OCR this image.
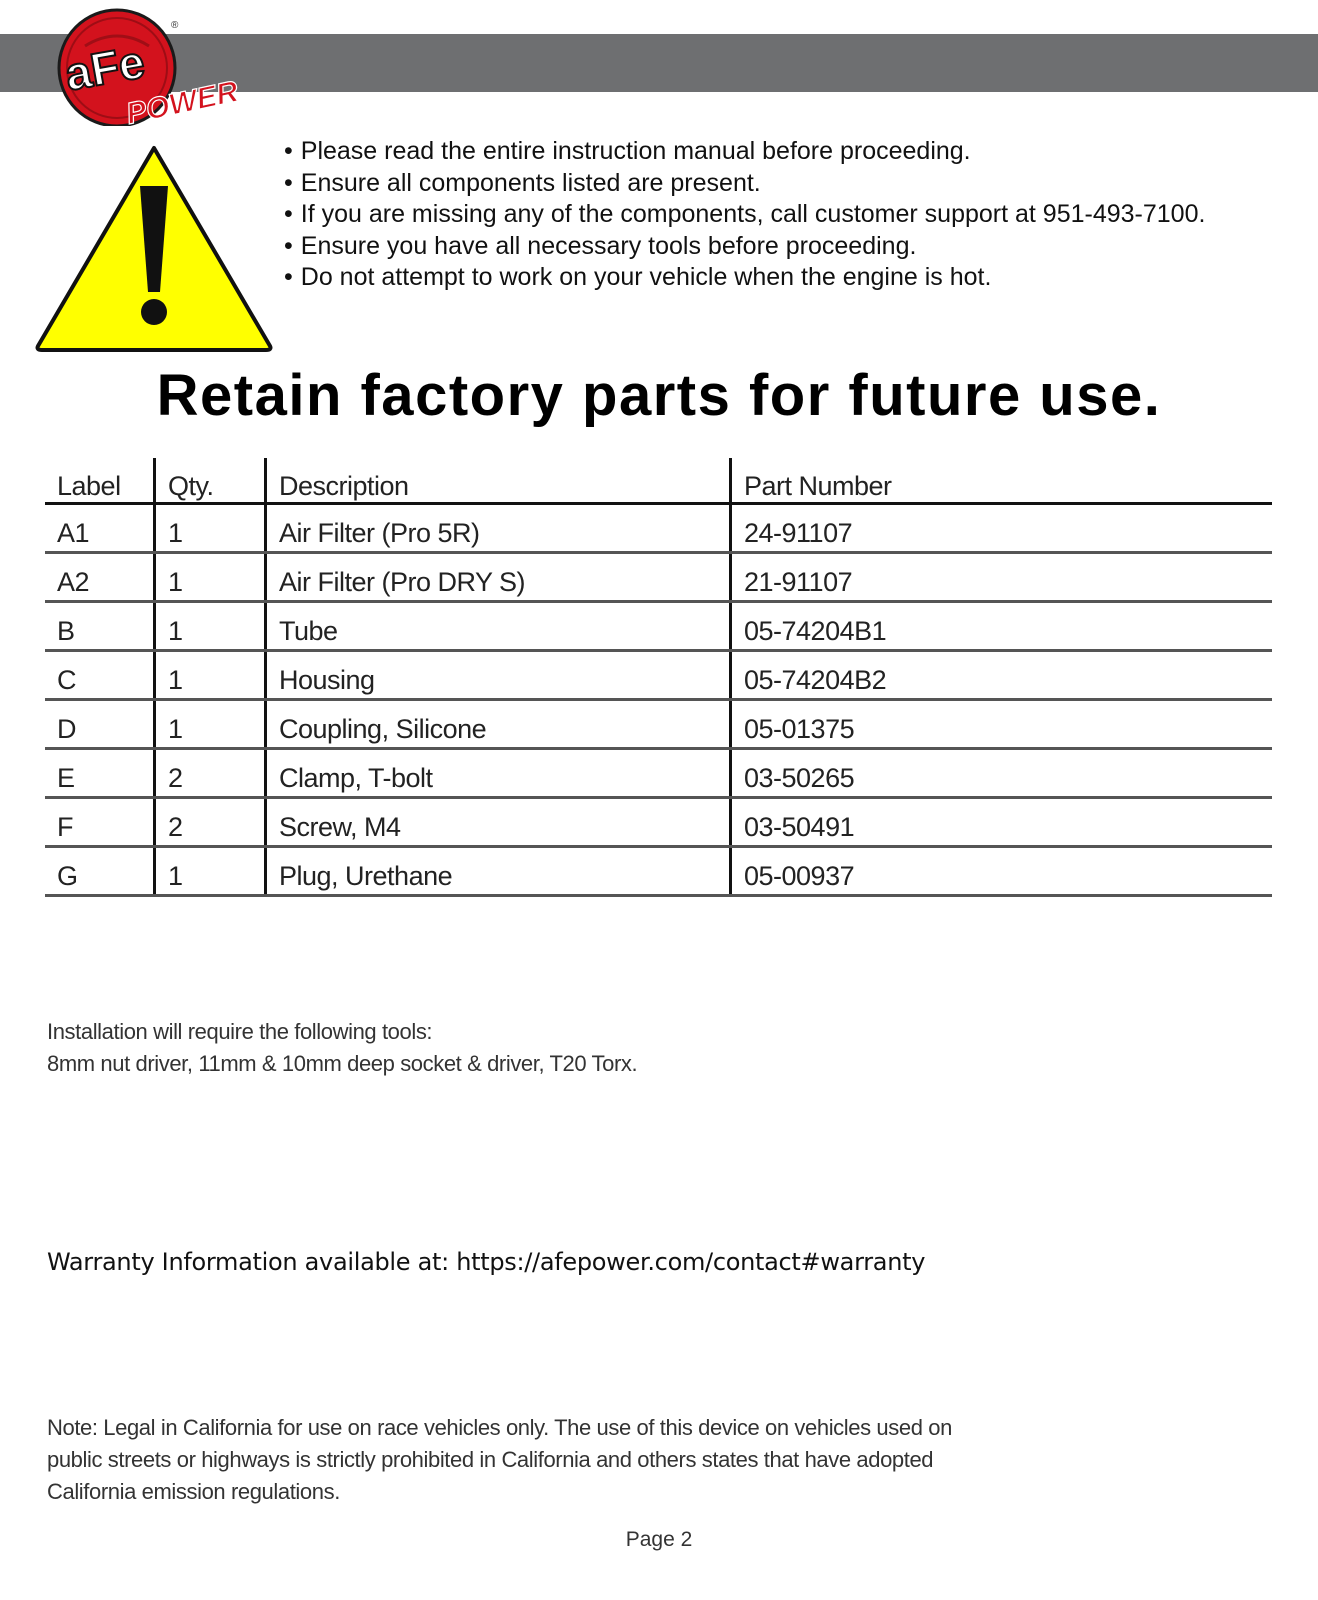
aFe
POWER
®
• Please read the entire instruction manual before proceeding.
• Ensure all components listed are present.
• If you are missing any of the components, call customer support at 951-493-7100.
• Ensure you have all necessary tools before proceeding.
• Do not attempt to work on your vehicle when the engine is hot.
Retain factory parts for future use.
Label	Qty.	Description	Part Number
A1	1	Air Filter (Pro 5R)	24-91107
A2	1	Air Filter (Pro DRY S)	21-91107
B	1	Tube	05-74204B1
C	1	Housing	05-74204B2
D	1	Coupling, Silicone	05-01375
E	2	Clamp, T-bolt	03-50265
F	2	Screw, M4	03-50491
G	1	Plug, Urethane	05-00937
Installation will require the following tools:
8mm nut driver, 11mm & 10mm deep socket & driver, T20 Torx.
Warranty Information available at: https://afepower.com/contact#warranty
Note: Legal in California for use on race vehicles only. The use of this device on vehicles used on public streets or highways is strictly prohibited in California and others states that have adopted California emission regulations.
Page 2
